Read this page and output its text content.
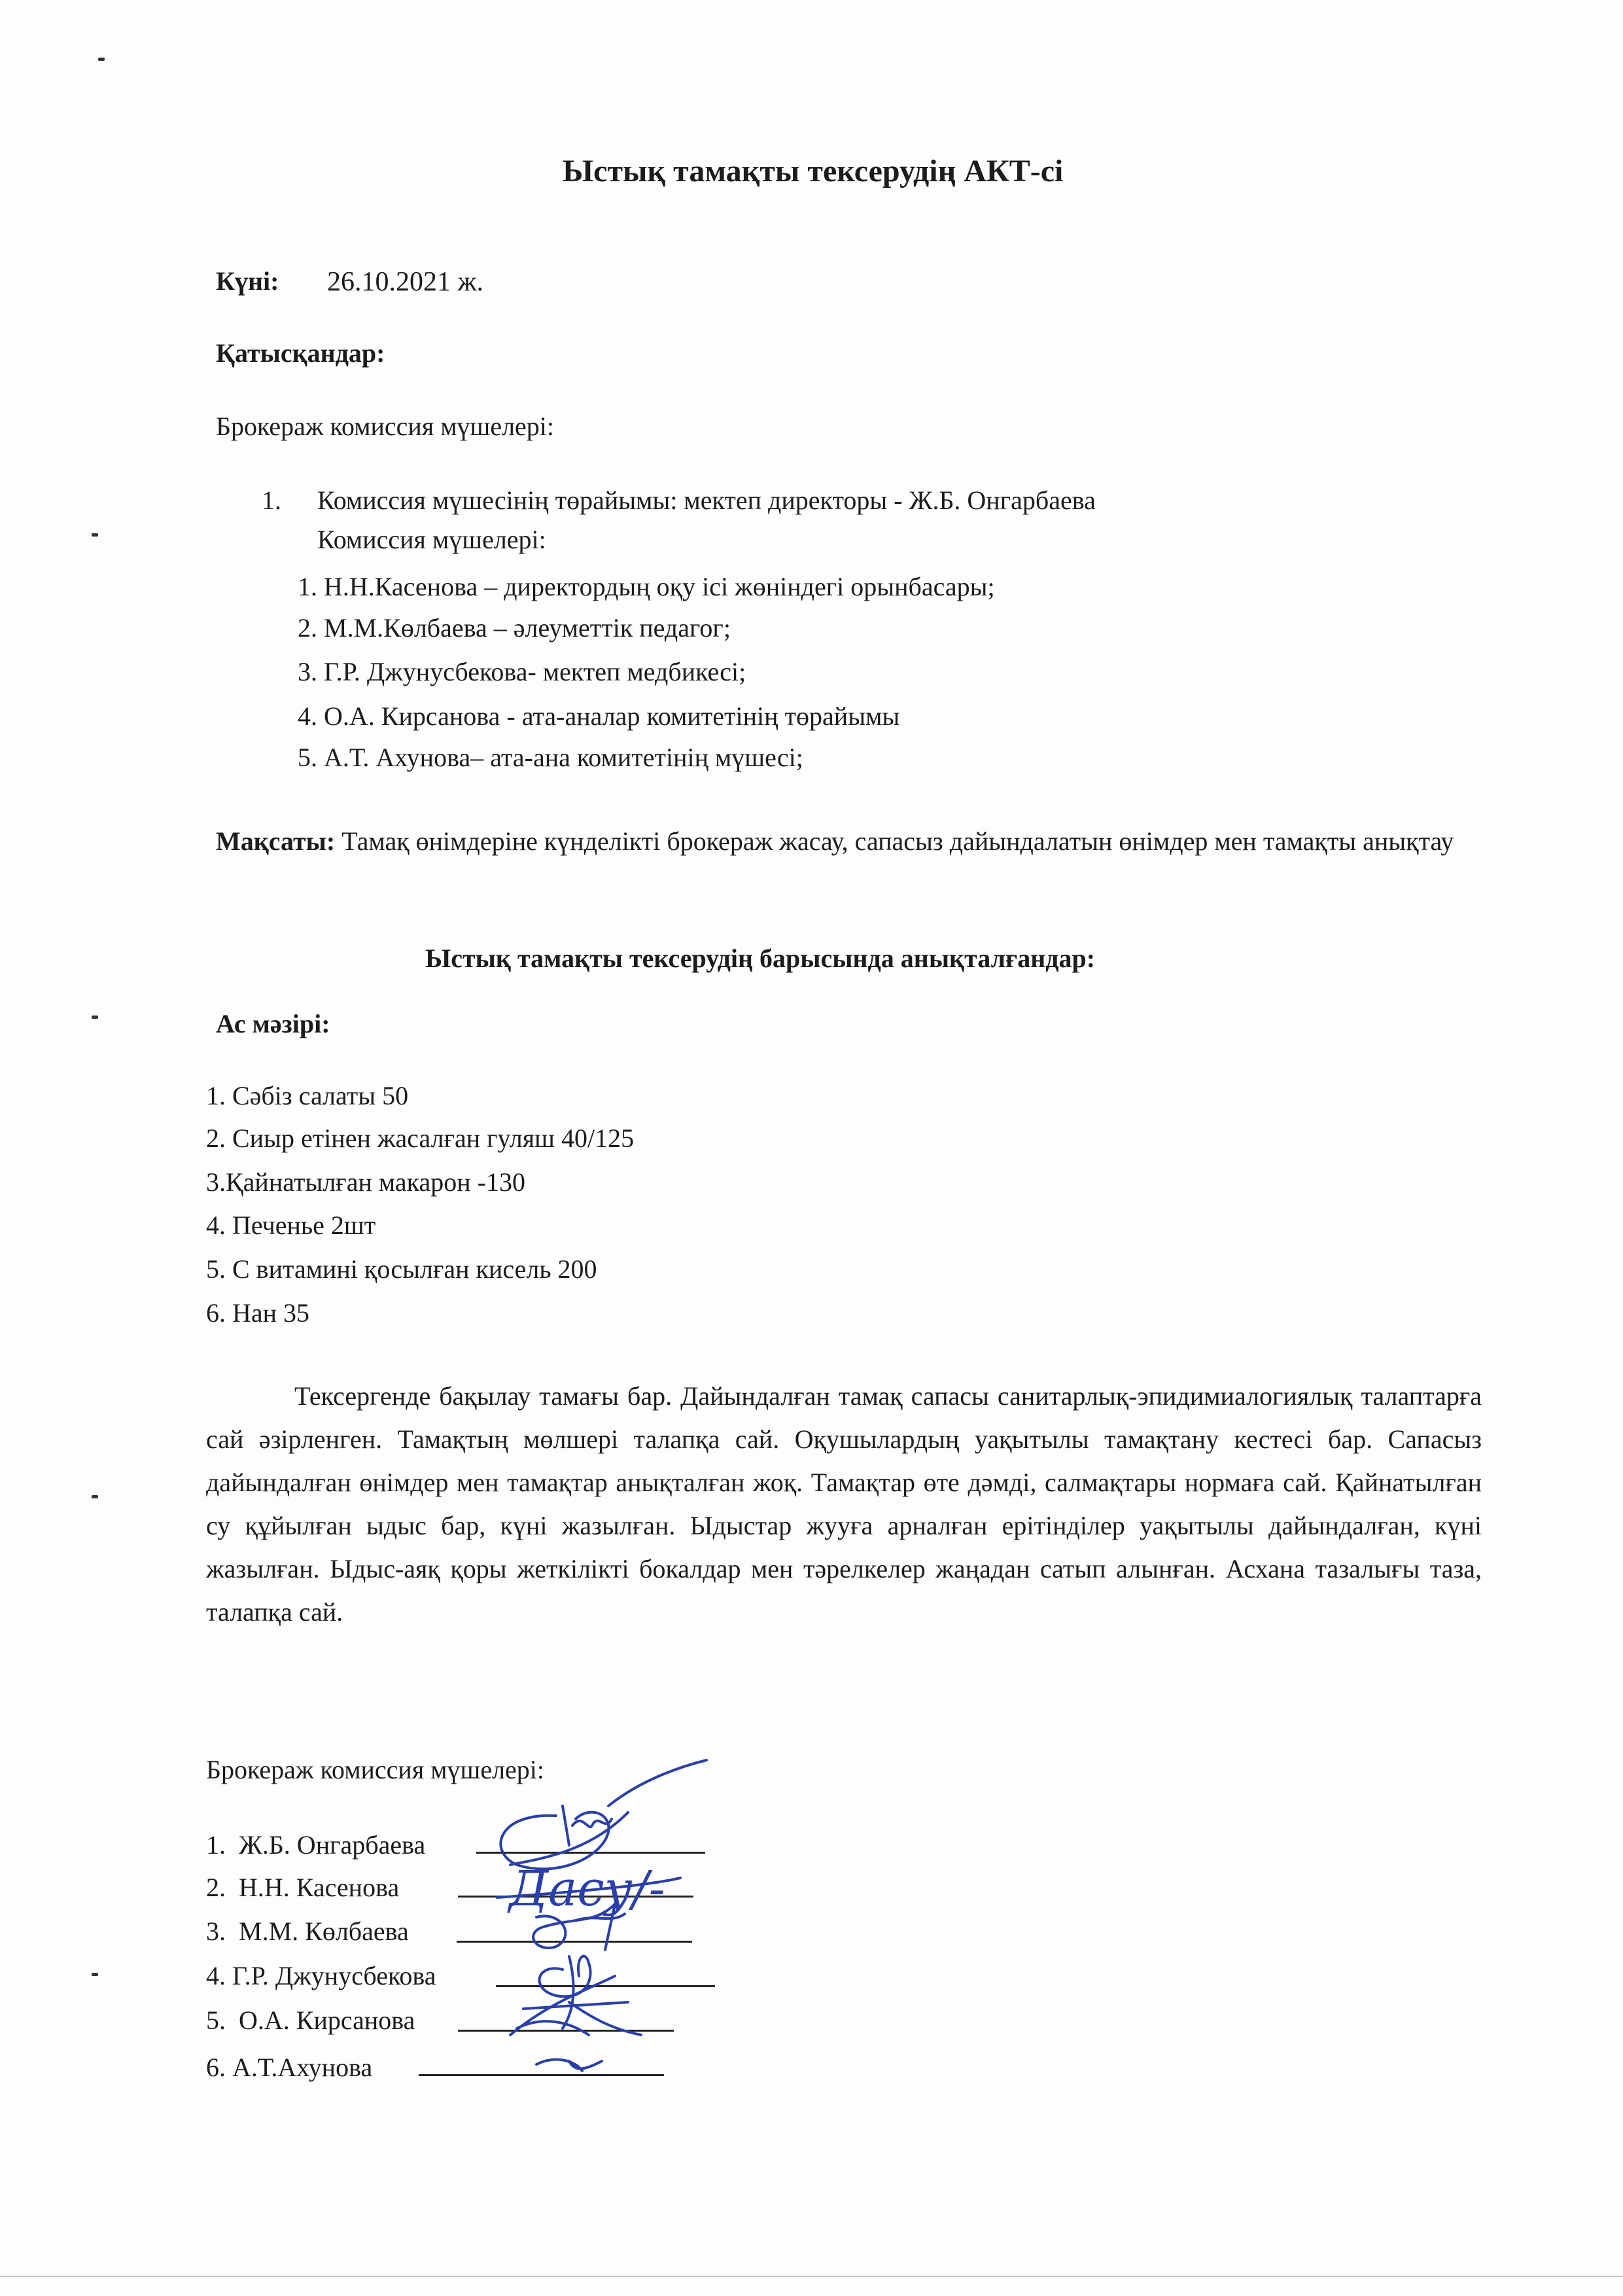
Ыстық тамақты тексерудің АКТ-сі
Күні: 26.10.2021 ж.
Қатысқандар:
Брокераж комиссия мүшелері:
1. Комиссия мүшесінің төрайымы: мектеп директоры - Ж.Б. Онгарбаева
Комиссия мүшелері:
1. Н.Н.Касенова – директордың оқу ісі жөніндегі орынбасары;
2. М.М.Көлбаева – әлеуметтік педагог;
3. Г.Р. Джунусбекова- мектеп медбикесі;
4. О.А. Кирсанова - ата-аналар комитетінің төрайымы
5. А.Т. Ахунова– ата-ана комитетінің мүшесі;
Мақсаты: Тамақ өнімдеріне күнделікті брокераж жасау, сапасыз дайындалатын өнімдер мен тамақты анықтау
Ыстық тамақты тексерудің барысында анықталғандар:
Ас мәзірі:
1. Сәбіз салаты 50
2. Сиыр етінен жасалған гуляш 40/125
3.Қайнатылған макарон -130
4. Печенье 2шт
5. С витамині қосылған кисель 200
6. Нан 35
Тексергенде бақылау тамағы бар. Дайындалған тамақ сапасы санитарлық-эпидимиалогиялық талаптарға сай әзірленген. Тамақтың мөлшері талапқа сай. Оқушылардың уақытылы тамақтану кестесі бар. Сапасыз дайындалған өнімдер мен тамақтар анықталған жоқ. Тамақтар өте дәмді, салмақтары нормаға сай. Қайнатылған су құйылған ыдыс бар, күні жазылған. Ыдыстар жууға арналған ерітінділер уақытылы дайындалған, күні жазылған. Ыдыс-аяқ қоры жеткілікті бокалдар мен тәрелкелер жаңадан сатып алынған. Асхана тазалығы таза, талапқа сай.
Брокераж комиссия мүшелері:
1.  Ж.Б. Онгарбаева
2.  Н.Н. Касенова
3.  М.М. Көлбаева
4. Г.Р. Джунусбекова
5.  О.А. Кирсанова
6. А.Т.Ахунова
Дасу/-
